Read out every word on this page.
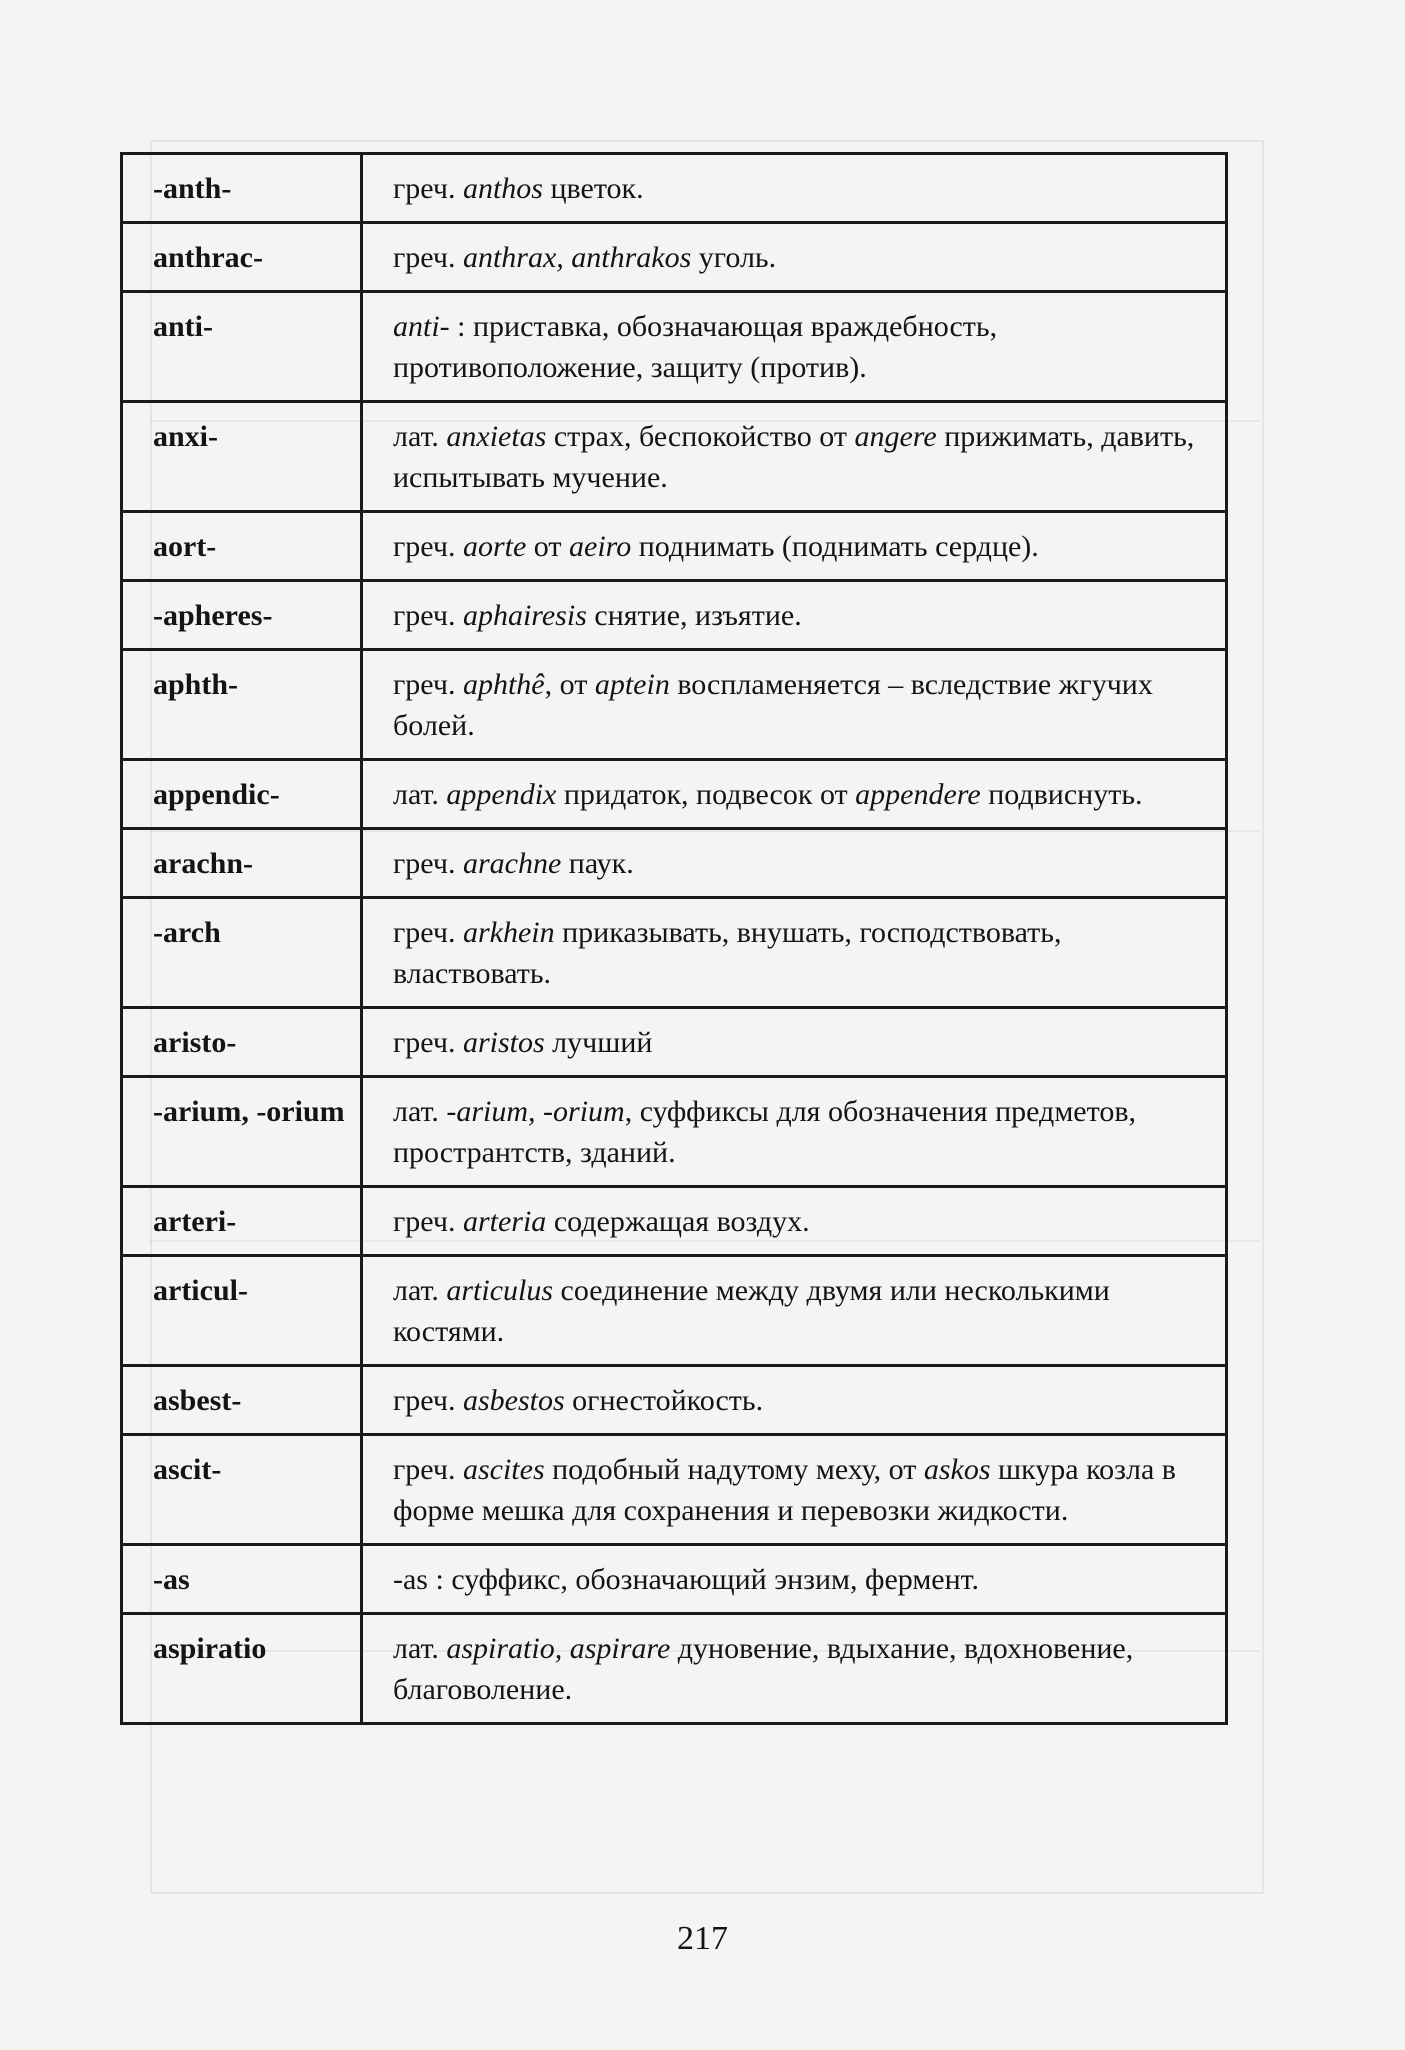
-anth-	греч. anthos цветок.
anthrac-	греч. anthrax, anthrakos уголь.
anti-	anti- : приставка, обозначающая враждебность, противоположение, защиту (против).
anxi-	лат. anxietas страх, беспокойство от angere прижимать, давить, испытывать мучение.
aort-	греч. aorte от aeiro поднимать (поднимать сердце).
-apheres-	греч. aphairesis снятие, изъятие.
aphth-	греч. aphthê, от aptein воспламеняется – вследствие жгучих болей.
appendic-	лат. appendix придаток, подвесок от appendere подвиснуть.
arachn-	греч. arachne паук.
-arch	греч. arkhein приказывать, внушать, господствовать, властвовать.
aristo-	греч. aristos лучший
-arium, -orium	лат. -arium, -orium, суффиксы для обозначения предметов, пространтств, зданий.
arteri-	греч. arteria содержащая воздух.
articul-	лат. articulus соединение между двумя или несколькими костями.
asbest-	греч. asbestos огнестойкость.
ascit-	греч. ascites подобный надутому меху, от askos шкура козла в форме мешка для сохранения и перевозки жидкости.
-as	-as : суффикс, обозначающий энзим, фермент.
aspiratio	лат. aspiratio, aspirare дуновение, вдыхание, вдохновение, благоволение.
217
